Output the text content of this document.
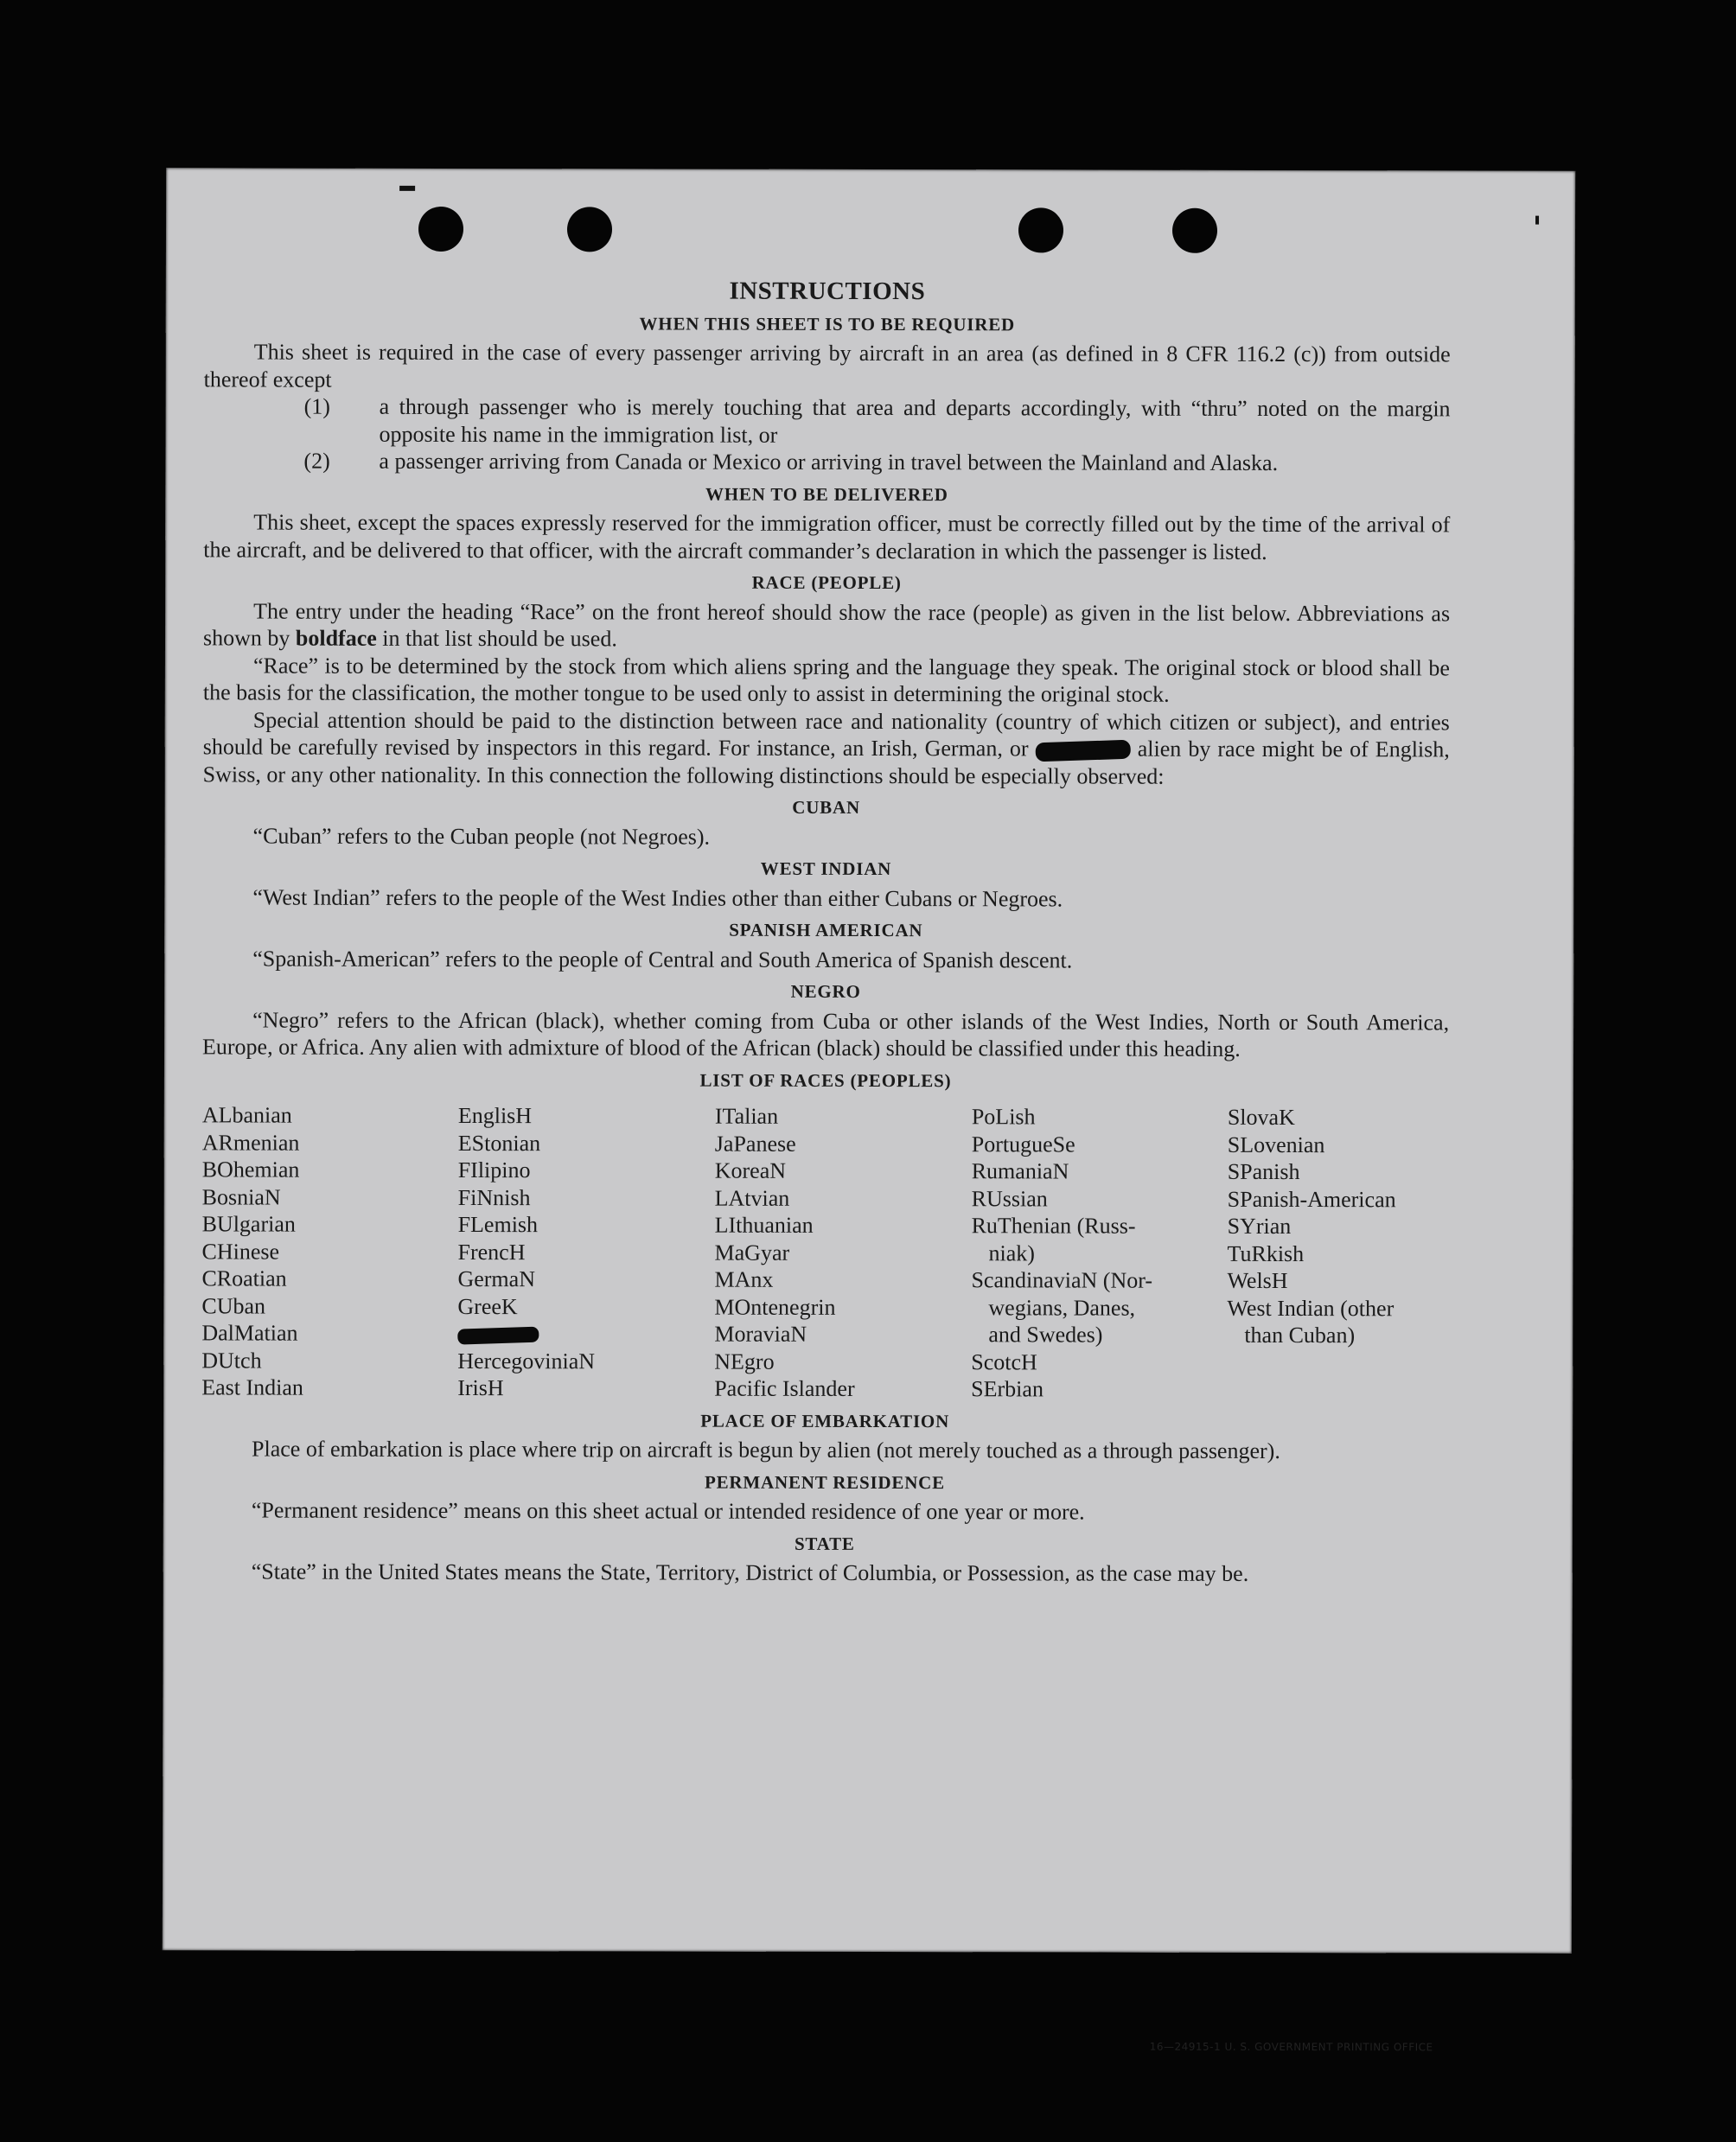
INSTRUCTIONS
WHEN THIS SHEET IS TO BE REQUIRED

This sheet is required in the case of every passenger arriving by aircraft in an area (as defined in 8 CFR 116.2 (c)) from outside thereof except

(1) a through passenger who is merely touching that area and departs accordingly, with “thru” noted on the margin opposite his name in the immigration list, or

(2) a passenger arriving from Canada or Mexico or arriving in travel between the Mainland and Alaska.

WHEN TO BE DELIVERED

This sheet, except the spaces expressly reserved for the immigration officer, must be correctly filled out by the time of the arrival of the aircraft, and be delivered to that officer, with the aircraft commander’s declaration in which the passenger is listed.

RACE (PEOPLE)

The entry under the heading “Race” on the front hereof should show the race (people) as given in the list below. Abbreviations as shown by boldface in that list should be used.

“Race” is to be determined by the stock from which aliens spring and the language they speak. The original stock or blood shall be the basis for the classification, the mother tongue to be used only to assist in determining the original stock.

Special attention should be paid to the distinction between race and nationality (country of which citizen or subject), and entries should be carefully revised by inspectors in this regard. For instance, an Irish, German, or	alien by race might be of English, Swiss, or any other nationality. In this connection the following distinctions should be especially observed:

CUBAN

“Cuban” refers to the Cuban people (not Negroes).

WEST INDIAN

“West Indian” refers to the people of the West Indies other than either Cubans or Negroes.

SPANISH AMERICAN

“Spanish-American” refers to the people of Central and South America of Spanish descent.

NEGRO

“Negro” refers to the African (black), whether coming from Cuba or other islands of the West Indies, North or South America, Europe, or Africa. Any alien with admixture of blood of the African (black) should be classified under this heading.

LIST OF RACES (PEOPLES)
ALbanian
ARmenian
BOhemian
BosniaN
BUlgarian
CHinese
CRoatian
CUban
DalMatian
DUtch
East Indian
EnglisH
EStonian
FIlipino
FiNnish
FLemish
FrencH
GermaN
GreeK
HercegoviniaN
IrisH
ITalian
JaPanese
KoreaN
LAtvian
LIthuanian
MaGyar
MAnx
MOntenegrin
MoraviaN
NEgro
Pacific Islander
PoLish
PortugueSe
RumaniaN
RUssian
RuThenian (Russ-
niak)
ScandinaviaN (Nor-
wegians, Danes,
and Swedes)
ScotcH
SErbian
SlovaK
SLovenian
SPanish
SPanish-American
SYrian
TuRkish
WelsH
West Indian (other
than Cuban)
PLACE OF EMBARKATION

Place of embarkation is place where trip on aircraft is begun by alien (not merely touched as a through passenger).

PERMANENT RESIDENCE

“Permanent residence” means on this sheet actual or intended residence of one year or more.

STATE

“State” in the United States means the State, Territory, District of Columbia, or Possession, as the case may be.

16—24915-1 U. S. GOVERNMENT PRINTING OFFICE
